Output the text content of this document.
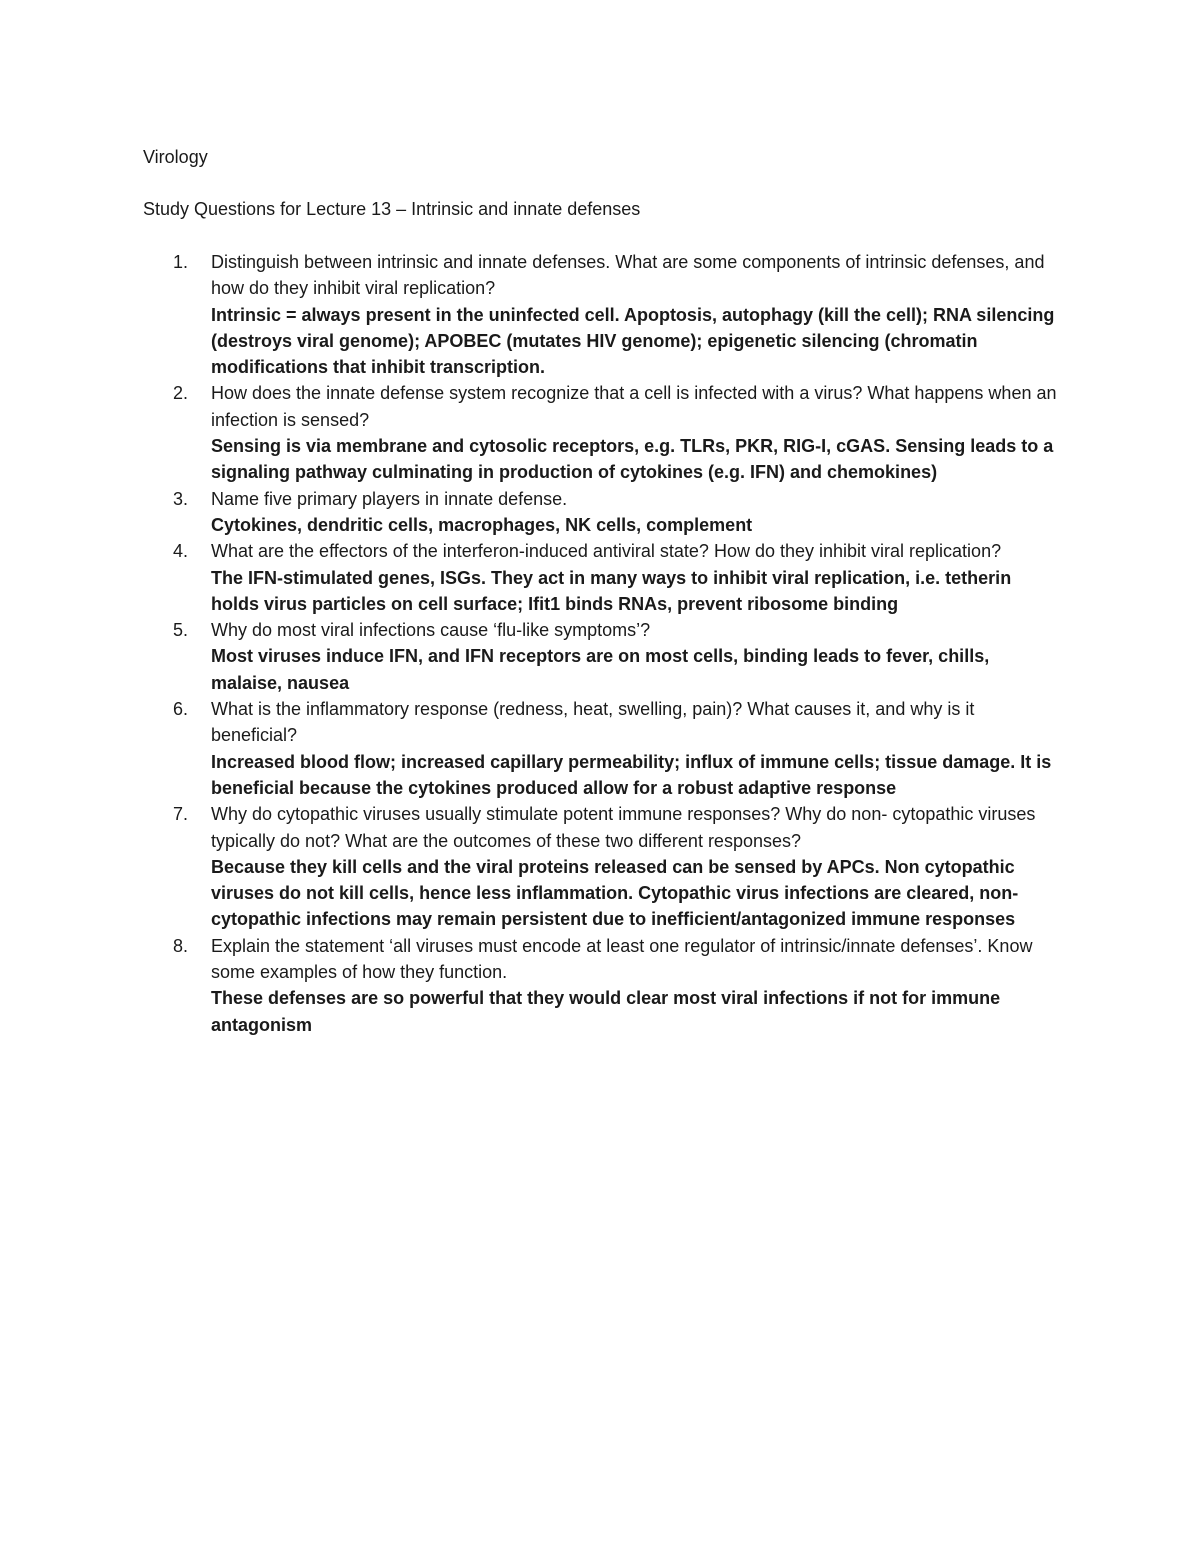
Virology
Study Questions for Lecture 13 – Intrinsic and innate defenses
1. Distinguish between intrinsic and innate defenses. What are some components of intrinsic defenses, and how do they inhibit viral replication?
Intrinsic = always present in the uninfected cell. Apoptosis, autophagy (kill the cell); RNA silencing (destroys viral genome); APOBEC (mutates HIV genome); epigenetic silencing (chromatin modifications that inhibit transcription.
2. How does the innate defense system recognize that a cell is infected with a virus? What happens when an infection is sensed?
Sensing is via membrane and cytosolic receptors, e.g. TLRs, PKR, RIG-I, cGAS. Sensing leads to a signaling pathway culminating in production of cytokines (e.g. IFN) and chemokines)
3. Name five primary players in innate defense.
Cytokines, dendritic cells, macrophages, NK cells, complement
4. What are the effectors of the interferon-induced antiviral state? How do they inhibit viral replication?
The IFN-stimulated genes, ISGs. They act in many ways to inhibit viral replication, i.e. tetherin holds virus particles on cell surface; Ifit1 binds RNAs, prevent ribosome binding
5. Why do most viral infections cause ‘flu-like symptoms’?
Most viruses induce IFN, and IFN receptors are on most cells, binding leads to fever, chills, malaise, nausea
6. What is the inflammatory response (redness, heat, swelling, pain)? What causes it, and why is it beneficial?
Increased blood flow; increased capillary permeability; influx of immune cells; tissue damage. It is beneficial because the cytokines produced allow for a robust adaptive response
7. Why do cytopathic viruses usually stimulate potent immune responses? Why do non- cytopathic viruses typically do not? What are the outcomes of these two different responses?
Because they kill cells and the viral proteins released can be sensed by APCs. Non cytopathic viruses do not kill cells, hence less inflammation. Cytopathic virus infections are cleared, non-cytopathic infections may remain persistent due to inefficient/antagonized immune responses
8. Explain the statement ‘all viruses must encode at least one regulator of intrinsic/innate defenses’. Know some examples of how they function.
These defenses are so powerful that they would clear most viral infections if not for immune antagonism
